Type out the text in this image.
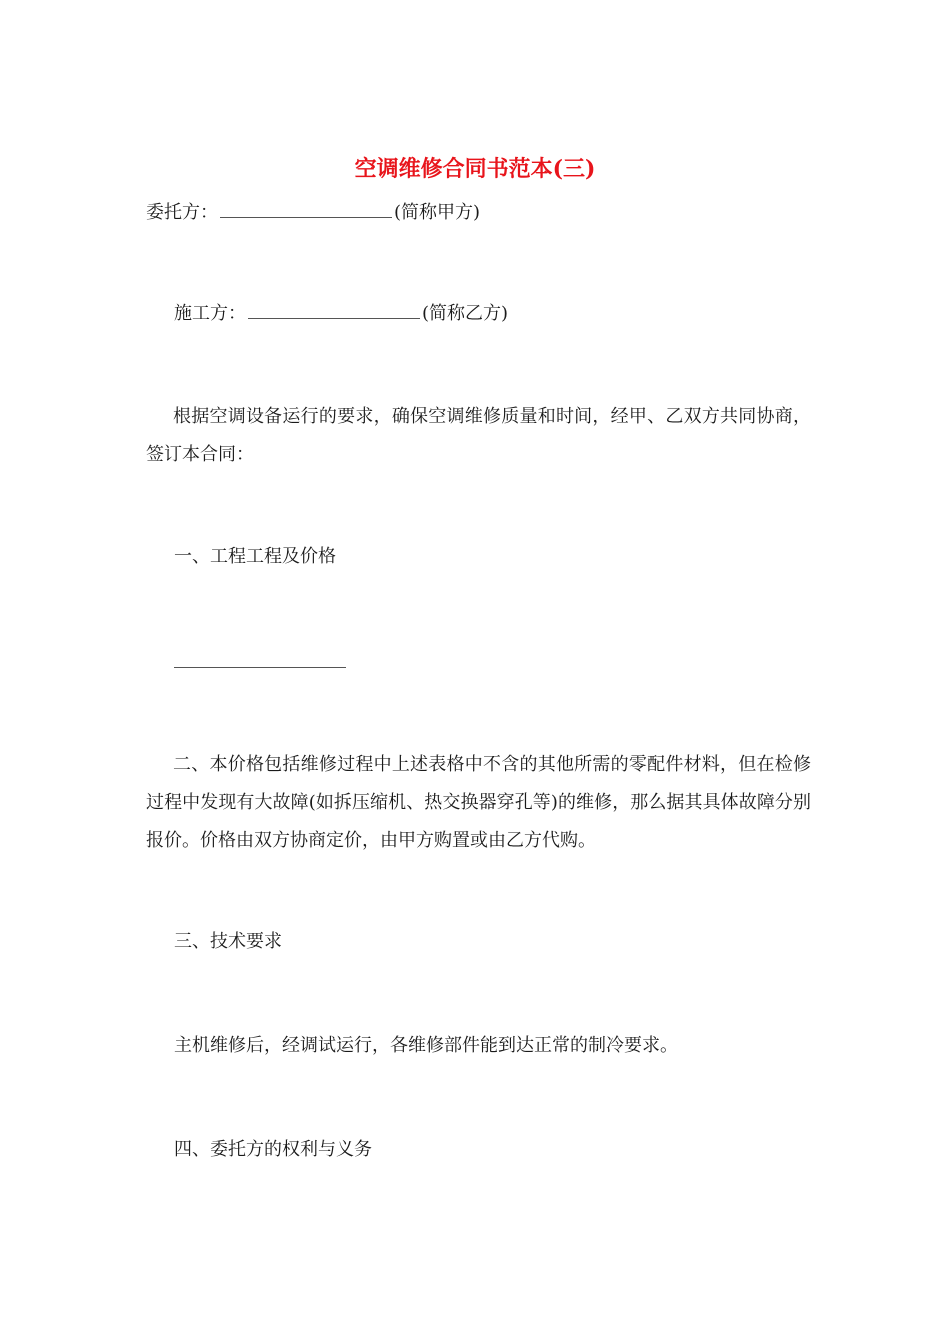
空调维修合同书范本(三)

委托方：	(简称甲方)

施工方：	(简称乙方)

根据空调设备运行的要求，确保空调维修质量和时间，经甲、乙双方共同协商，签订本合同：

一、工程工程及价格

二、本价格包括维修过程中上述表格中不含的其他所需的零配件材料，但在检修过程中发现有大故障(如拆压缩机、热交换器穿孔等)的维修，那么据其具体故障分别报价。价格由双方协商定价，由甲方购置或由乙方代购。

三、技术要求

主机维修后，经调试运行，各维修部件能到达正常的制冷要求。

四、委托方的权利与义务
